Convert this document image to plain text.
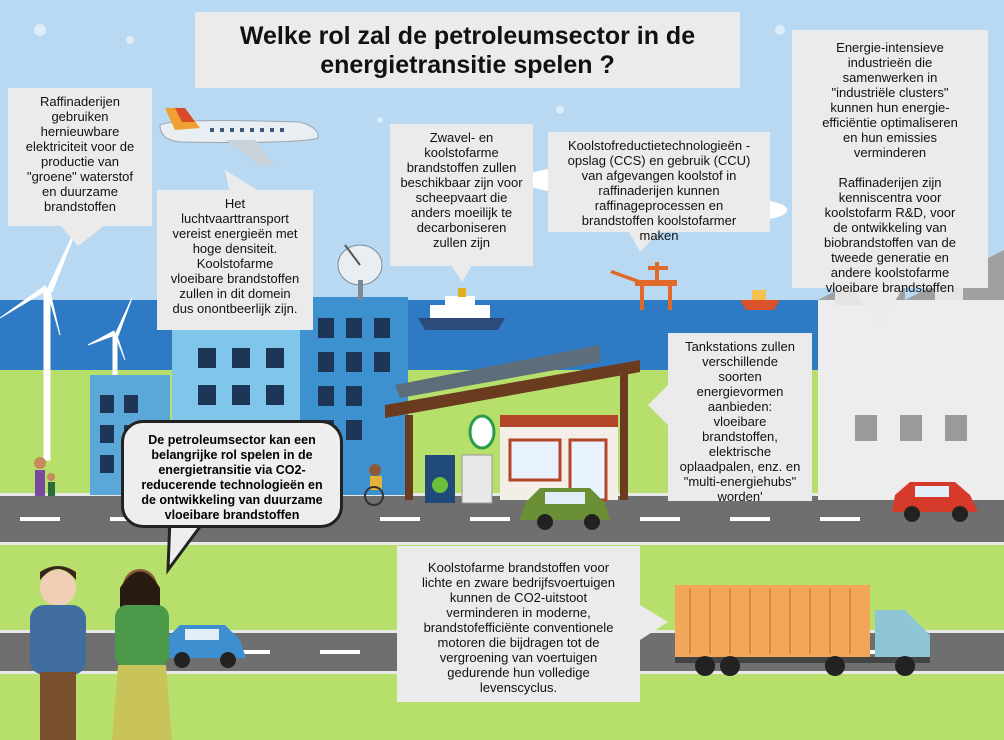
Welke rol zal de petroleumsector in de
energietransitie spelen ?
Raffinaderijen
gebruiken
hernieuwbare
elektriciteit voor de
productie van
"groene" waterstof
en duurzame
brandstoffen	Het
luchtvaarttransport
vereist energieën met
hoge densiteit.
Koolstofarme
vloeibare brandstoffen
zullen in dit domein
dus onontbeerlijk zijn.
Zwavel- en
koolstofarme
brandstoffen zullen
beschikbaar zijn voor
scheepvaart die
anders moeilijk te
decarboniseren
zullen zijn
Koolstofreductietechnologieën -
opslag (CCS) en gebruik (CCU)
van afgevangen koolstof in
raffinaderijen kunnen
raffinageprocessen en
brandstoffen koolstofarmer
maken
Energie-intensieve
industrieën die
samenwerken in
"industriële clusters"
kunnen hun energie-
efficiëntie optimaliseren
en hun emissies
verminderen

Raffinaderijen zijn
kenniscentra voor
koolstofarm R&D, voor
de ontwikkeling van
biobrandstoffen van de
tweede generatie en
andere koolstofarme
vloeibare brandstoffen
Tankstations zullen
verschillende
soorten
energievormen
aanbieden:
vloeibare
brandstoffen,
elektrische
oplaadpalen, enz. en
"multi-energiehubs"
worden'
Koolstofarme brandstoffen voor
lichte en zware bedrijfsvoertuigen
kunnen de CO2-uitstoot
verminderen in moderne,
brandstofefficiënte conventionele
motoren die bijdragen tot de
vergroening van voertuigen
gedurende hun volledige
levenscyclus.
De petroleumsector kan een
belangrijke rol spelen in de
energietransitie via CO2-
reducerende technologieën en
de ontwikkeling van duurzame
vloeibare brandstoffen
